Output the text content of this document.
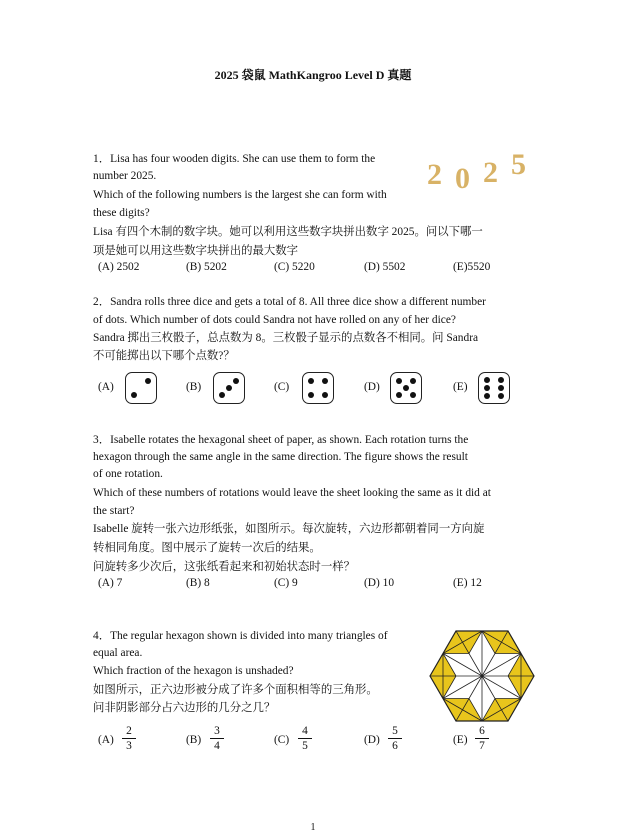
2025 袋鼠 MathKangroo Level D 真题
2 0 2 5
1．Lisa has four wooden digits. She can use them to form the
number 2025.
Which of the following numbers is the largest she can form with
these digits?
Lisa 有四个木制的数字块。她可以利用这些数字块拼出数字 2025。问以下哪一
项是她可以用这些数字块拼出的最大数字
(A) 2502	(B) 5202	(C) 5220	(D) 5502	(E)5520
2．Sandra rolls three dice and gets a total of 8. All three dice show a different number
of dots. Which number of dots could Sandra not have rolled on any of her dice?
Sandra 掷出三枚骰子，总点数为 8。三枚骰子显示的点数各不相同。问 Sandra
不可能掷出以下哪个点数?？
(A)	(B)	(C)	(D)	(E)
3．Isabelle rotates the hexagonal sheet of paper, as shown. Each rotation turns the
hexagon through the same angle in the same direction. The figure shows the result
of one rotation.
Which of these numbers of rotations would leave the sheet looking the same as it did at
the start?
Isabelle 旋转一张六边形纸张，如图所示。每次旋转，六边形都朝着同一方向旋
转相同角度。图中展示了旋转一次后的结果。
问旋转多少次后，这张纸看起来和初始状态时一样？
(A) 7	(B) 8	(C) 9	(D) 10	(E) 12
4．The regular hexagon shown is divided into many triangles of
equal area.
Which fraction of the hexagon is unshaded?
如图所示，正六边形被分成了许多个面积相等的三角形。
问非阴影部分占六边形的几分之几？
$(A) \frac{2}{3}$	$(B) \frac{3}{4}$	$(C) \frac{4}{5}$	$(D) \frac{5}{6}$	$(E) \frac{6}{7}$
1
